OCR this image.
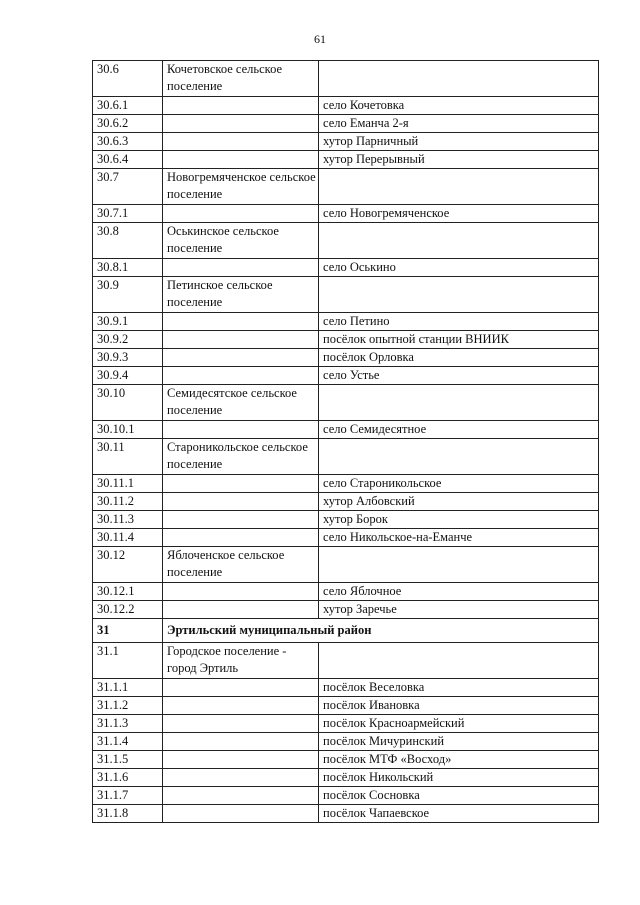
61
30.6	Кочетовское сельское поселение	
30.6.1		село Кочетовка
30.6.2		село Еманча 2-я
30.6.3		хутор Парничный
30.6.4		хутор Перерывный
30.7	Новогремяченское сельское поселение	
30.7.1		село Новогремяченское
30.8	Оськинское сельское поселение	
30.8.1		село Оськино
30.9	Петинское сельское поселение	
30.9.1		село Петино
30.9.2		посёлок опытной станции ВНИИК
30.9.3		посёлок Орловка
30.9.4		село Устье
30.10	Семидесятское сельское поселение	
30.10.1		село Семидесятное
30.11	Староникольское сельское поселение	
30.11.1		село Староникольское
30.11.2		хутор Албовский
30.11.3		хутор Борок
30.11.4		село Никольское-на-Еманче
30.12	Яблоченское сельское поселение	
30.12.1		село Яблочное
30.12.2		хутор Заречье
31	Эртильский муниципальный район	
31.1	Городское поселение - город Эртиль	
31.1.1		посёлок Веселовка
31.1.2		посёлок Ивановка
31.1.3		посёлок Красноармейский
31.1.4		посёлок Мичуринский
31.1.5		посёлок МТФ «Восход»
31.1.6		посёлок Никольский
31.1.7		посёлок Сосновка
31.1.8		посёлок Чапаевское
